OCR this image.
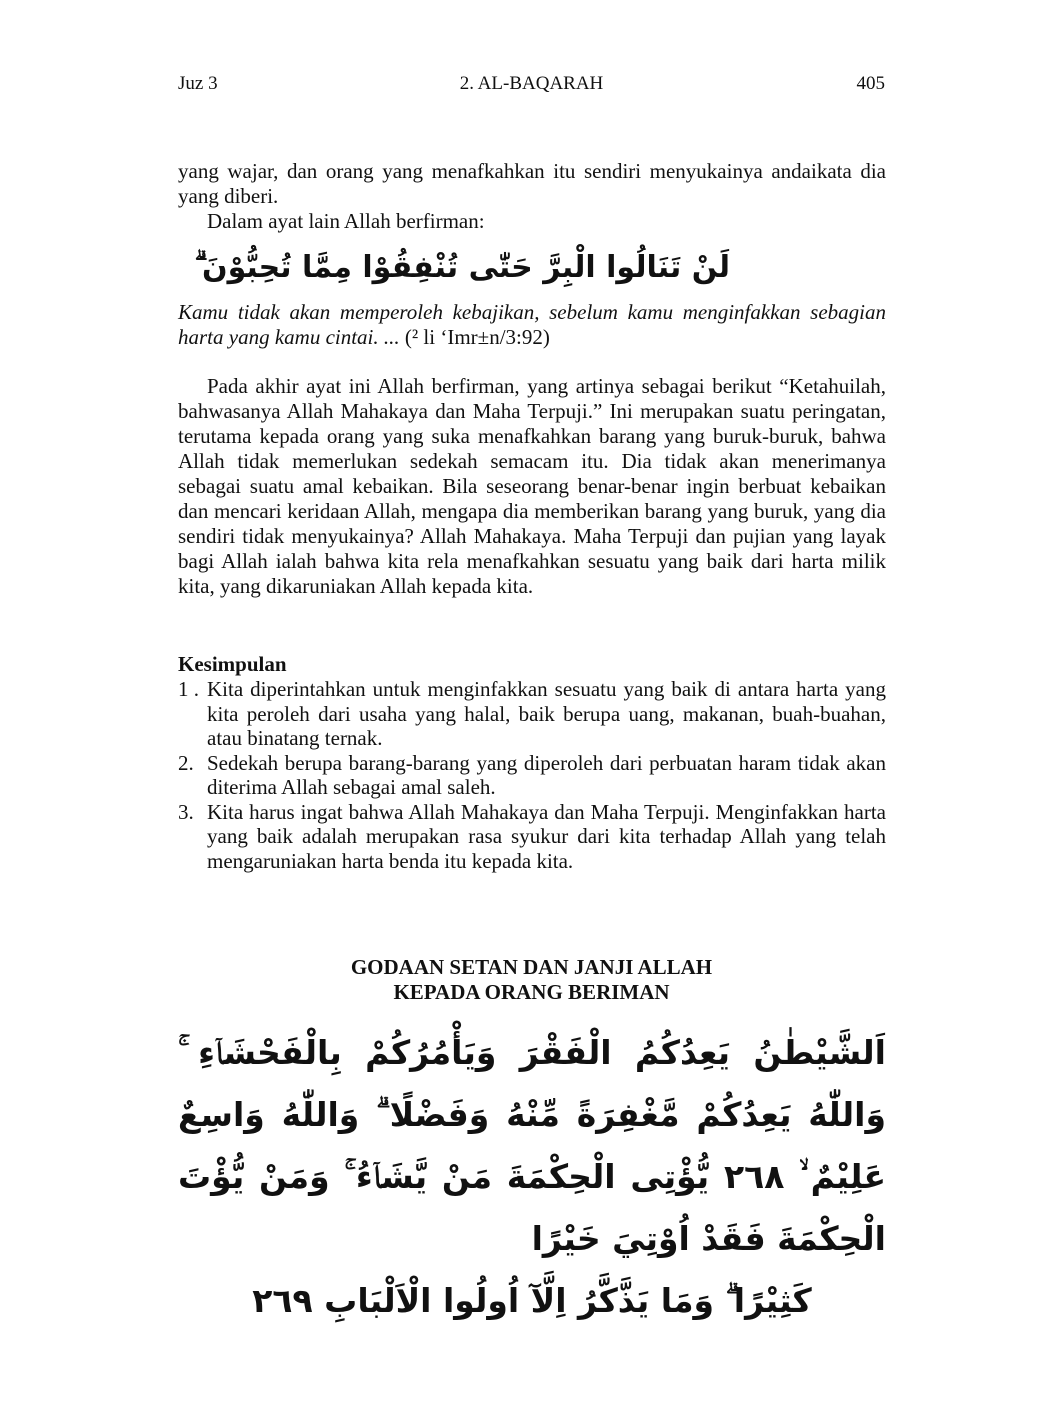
Juz 3	2. AL-BAQARAH	405
yang wajar, dan orang yang menafkahkan itu sendiri menyukainya andaikata dia yang diberi.
Dalam ayat lain Allah berfirman:
لَنْ تَنَالُوا الْبِرَّ حَتّٰى تُنْفِقُوْا مِمَّا تُحِبُّوْنَ ۗ
Kamu tidak akan memperoleh kebajikan, sebelum kamu menginfakkan sebagian harta yang kamu cintai. ... (² li ‘Imr±n/3:92)
Pada akhir ayat ini Allah berfirman, yang artinya sebagai berikut “Ketahuilah, bahwasanya Allah Mahakaya dan Maha Terpuji.” Ini merupakan suatu peringatan, terutama kepada orang yang suka menafkahkan barang yang buruk-buruk, bahwa Allah tidak memerlukan sedekah semacam itu. Dia tidak akan menerimanya sebagai suatu amal kebaikan. Bila seseorang benar-benar ingin berbuat kebaikan dan mencari keridaan Allah, mengapa dia memberikan barang yang buruk, yang dia sendiri tidak menyukainya? Allah Mahakaya. Maha Terpuji dan pujian yang layak bagi Allah ialah bahwa kita rela menafkahkan sesuatu yang baik dari harta milik kita, yang dikaruniakan Allah kepada kita.
Kesimpulan
1 . Kita diperintahkan untuk menginfakkan sesuatu yang baik di antara harta yang kita peroleh dari usaha yang halal, baik berupa uang, makanan, buah-buahan, atau binatang ternak.
2. Sedekah berupa barang-barang yang diperoleh dari perbuatan haram tidak akan diterima Allah sebagai amal saleh.
3. Kita harus ingat bahwa Allah Mahakaya dan Maha Terpuji. Menginfakkan harta yang baik adalah merupakan rasa syukur dari kita terhadap Allah yang telah mengaruniakan harta benda itu kepada kita.
GODAAN SETAN DAN JANJI ALLAH
KEPADA ORANG BERIMAN
اَلشَّيْطٰنُ يَعِدُكُمُ الْفَقْرَ وَيَأْمُرُكُمْ بِالْفَحْشَاۤءِ ۚ وَاللّٰهُ يَعِدُكُمْ مَّغْفِرَةً مِّنْهُ وَفَضْلًا ۗ وَاللّٰهُ وَاسِعٌ عَلِيْمٌ ۙ ٢٦٨ يُّؤْتِى الْحِكْمَةَ مَنْ يَّشَاۤءُ ۚ وَمَنْ يُّؤْتَ الْحِكْمَةَ فَقَدْ اُوْتِيَ خَيْرًا
كَثِيْرًا ۗ وَمَا يَذَّكَّرُ اِلَّآ اُولُوا الْاَلْبَابِ ٢٦٩
